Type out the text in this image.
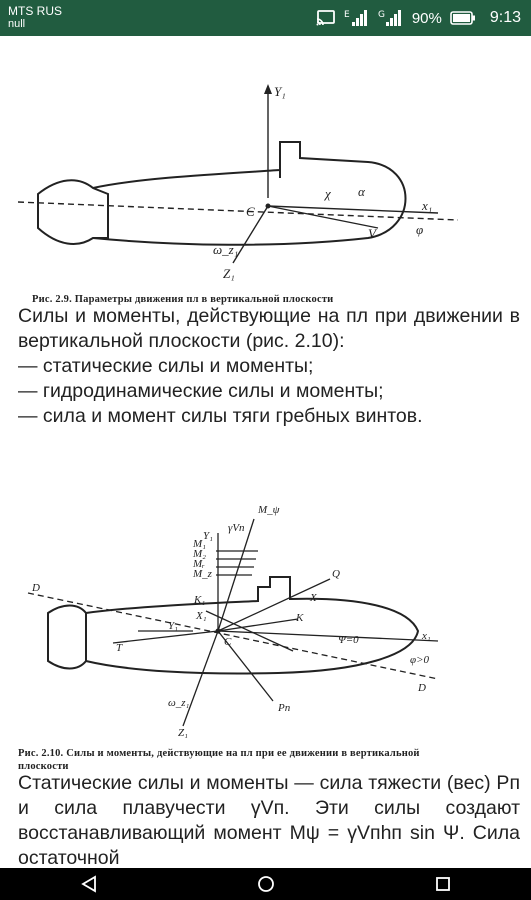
MTS RUS
null
E	G 90%	9:13
Y₁
C
χ α
x₁
φ
V
ω_z₁
Z₁
Рис. 2.9. Параметры движения пл в вертикальной плоскости

Силы и моменты, действующие на пл при движении в вертикальной плоскости (рис. 2.10):

— статические силы и моменты;

— гидродинамические силы и моменты;

— сила и момент силы тяги гребных винтов.

D
D
C
K
K₁
X₁
T
Y₁
Y₁
γVп
M_ψ
M₁
M₂
Mᵣ
M_z	Q
X
Pп
ω_z₁
Z₁
x₁
φ>0
Ψ=0
Рис. 2.10. Силы и моменты, действующие на пл при ее движении в вертикальной плоскости

Статические силы и моменты — сила тяжести (вес) Рп и сила плавучести γVп. Эти силы создают восстанавливающий момент Мψ = γVпhп sin Ψ. Сила остаточной
